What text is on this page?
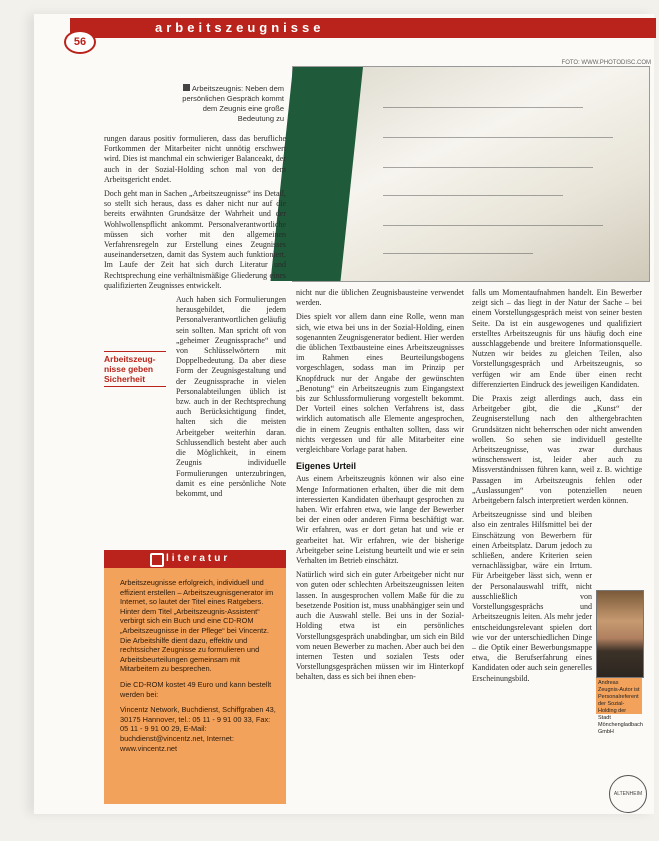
arbeitszeugnisse
56
FOTO: WWW.PHOTODISC.COM
Arbeitszeugnis: Neben dem persönlichen Gespräch kommt dem Zeugnis eine große Bedeutung zu

rungen daraus positiv formulieren, dass das berufliche Fortkommen der Mitarbeiter nicht unnötig erschwert wird. Dies ist manchmal ein schwieriger Balanceakt, der auch in der Sozial-Holding schon mal von dem Arbeitsgericht endet.

Doch geht man in Sachen „Arbeitszeugnisse“ ins Detail, so stellt sich heraus, dass es daher nicht nur auf die bereits erwähnten Grundsätze der Wahrheit und der Wohlwollenspflicht ankommt. Personalverantwortliche müssen sich vorher mit den allgemeinen Verfahrensregeln zur Erstellung eines Zeugnisses auseinandersetzen, damit das System auch funktioniert. Im Laufe der Zeit hat sich durch Literatur und Rechtsprechung eine verhältnismäßige Gliederung eines qualifizierten Zeugnisses entwickelt.

Auch haben sich Formulierungen herausgebildet, die jedem Personalverantwortlichen geläufig sein sollten. Man spricht oft von „geheimer Zeugnissprache“ und von Schlüsselwörtern mit Doppelbedeutung. Da aber diese Form der Zeugnisgestaltung und der Zeugnissprache in vielen Personalabteilungen üblich ist bzw. auch in der Rechtsprechung auch Berücksichtigung findet, halten sich die meisten Arbeitgeber weiterhin daran. Schlussendlich besteht aber auch die Möglichkeit, in einem Zeugnis individuelle Formulierungen unterzubringen, damit es eine persönliche Note bekommt, und

Arbeitszeug-
nisse geben
Sicherheit

nicht nur die üblichen Zeugnisbausteine verwendet werden.

Dies spielt vor allem dann eine Rolle, wenn man sich, wie etwa bei uns in der Sozial-Holding, einen sogenannten Zeugnisgenerator bedient. Hier werden die üblichen Textbausteine eines Arbeitszeugnisses im Rahmen eines Beurteilungsbogens vorgeschlagen, sodass man im Prinzip per Knopfdruck nur der Angabe der gewünschten „Benotung“ ein Arbeitszeugnis zum Eingangstext bis zur Schlussformulierung vorgestellt bekommt. Der Vorteil eines solchen Verfahrens ist, dass wirklich automatisch alle Elemente angesprochen, die in einem Zeugnis enthalten sollten, dass wir nichts vergessen und für alle Mitarbeiter eine vergleichbare Vorlage parat haben.

Eigenes Urteil

Aus einem Arbeitszeugnis können wir also eine Menge Informationen erhalten, über die mit dem interessierten Kandidaten überhaupt gesprochen zu haben. Wir erfahren etwa, wie lange der Bewerber bei der einen oder anderen Firma beschäftigt war. Wir erfahren, was er dort getan hat und wie er gearbeitet hat. Wir erfahren, wie der bisherige Arbeitgeber seine Leistung beurteilt und wie er sein Verhalten im Betrieb einschätzt.

Natürlich wird sich ein guter Arbeitgeber nicht nur von guten oder schlechten Arbeitszeugnissen leiten lassen. In ausgesprochen vollem Maße für die zu besetzende Position ist, muss unabhängiger sein und auch die Auswahl stelle. Bei uns in der Sozial-Holding etwa ist ein persönliches Vorstellungsgespräch unabdingbar, um sich ein Bild vom neuen Bewerber zu machen. Aber auch bei den internen Testen und sozialen Tests oder Vorstellungsgesprächen müssen wir im Hinterkopf behalten, dass es sich bei ihnen eben-

falls um Momentaufnahmen handelt. Ein Bewerber zeigt sich – das liegt in der Natur der Sache – bei einem Vorstellungsgespräch meist von seiner besten Seite. Da ist ein ausgewogenes und qualifiziert erstelltes Arbeitszeugnis für uns häufig doch eine ausschlaggebende und breitere Informationsquelle. Nutzen wir beides zu gleichen Teilen, also Vorstellungsgespräch und Arbeitszeugnis, so verfügen wir am Ende über einen recht differenzierten Eindruck des jeweiligen Kandidaten.

Die Praxis zeigt allerdings auch, dass ein Arbeitgeber gibt, die die „Kunst“ der Zeugniserstellung nach den althergebrachten Grundsätzen nicht beherrschen oder nicht anwenden wollen. So sehen sie individuell gestellte Arbeitszeugnisse, was zwar durchaus wünschenswert ist, leider aber auch zu Missverständnissen führen kann, weil z. B. wichtige Passagen im Arbeitszeugnis fehlen oder „Auslassungen“ von potenziellen neuen Arbeitgebern falsch interpretiert werden können.

Arbeitszeugnisse sind und bleiben also ein zentrales Hilfsmittel bei der Einschätzung von Bewerbern für einen Arbeitsplatz. Darum jedoch zu schließen, andere Kriterien seien vernachlässigbar, wäre ein Irrtum. Für Arbeitgeber lässt sich, wenn er der Personalauswahl trifft, nicht ausschließlich von Vorstellungsgesprächs und Arbeitszeugnis leiten. Als mehr jeder entscheidungsrelevant spielen dort wie vor der unterschiedlichen Dinge – die Optik einer Bewerbungsmappe etwa, die Berufserfahrung eines Kandidaten oder auch sein generelles Erscheinungsbild.

literatur

Arbeitszeugnisse erfolgreich, individuell und effizient erstellen – Arbeitszeugnisgenerator im Internet, so lautet der Titel eines Ratgebers. Hinter dem Titel „Arbeitszeugnis-Assistent“ verbirgt sich ein Buch und eine CD-ROM „Arbeitszeugnisse in der Pflege“ bei Vincentz. Die Arbeitshilfe dient dazu, effektiv und rechtssicher Zeugnisse zu formulieren und Arbeitsbeurteilungen gemeinsam mit Mitarbeitern zu besprechen.

Die CD-ROM kostet 49 Euro und kann bestellt werden bei:

Vincentz Network, Buchdienst, Schiffgraben 43, 30175 Hannover, tel.: 05 11 - 9 91 00 33, Fax: 05 11 - 9 91 00 29, E-Mail: buchdienst@vincentz.net, Internet: www.vincentz.net

Andreas Zeugnis-Autor ist Personalreferent der Sozial-Holding der Stadt Mönchengladbach GmbH
ALTENHEIM
